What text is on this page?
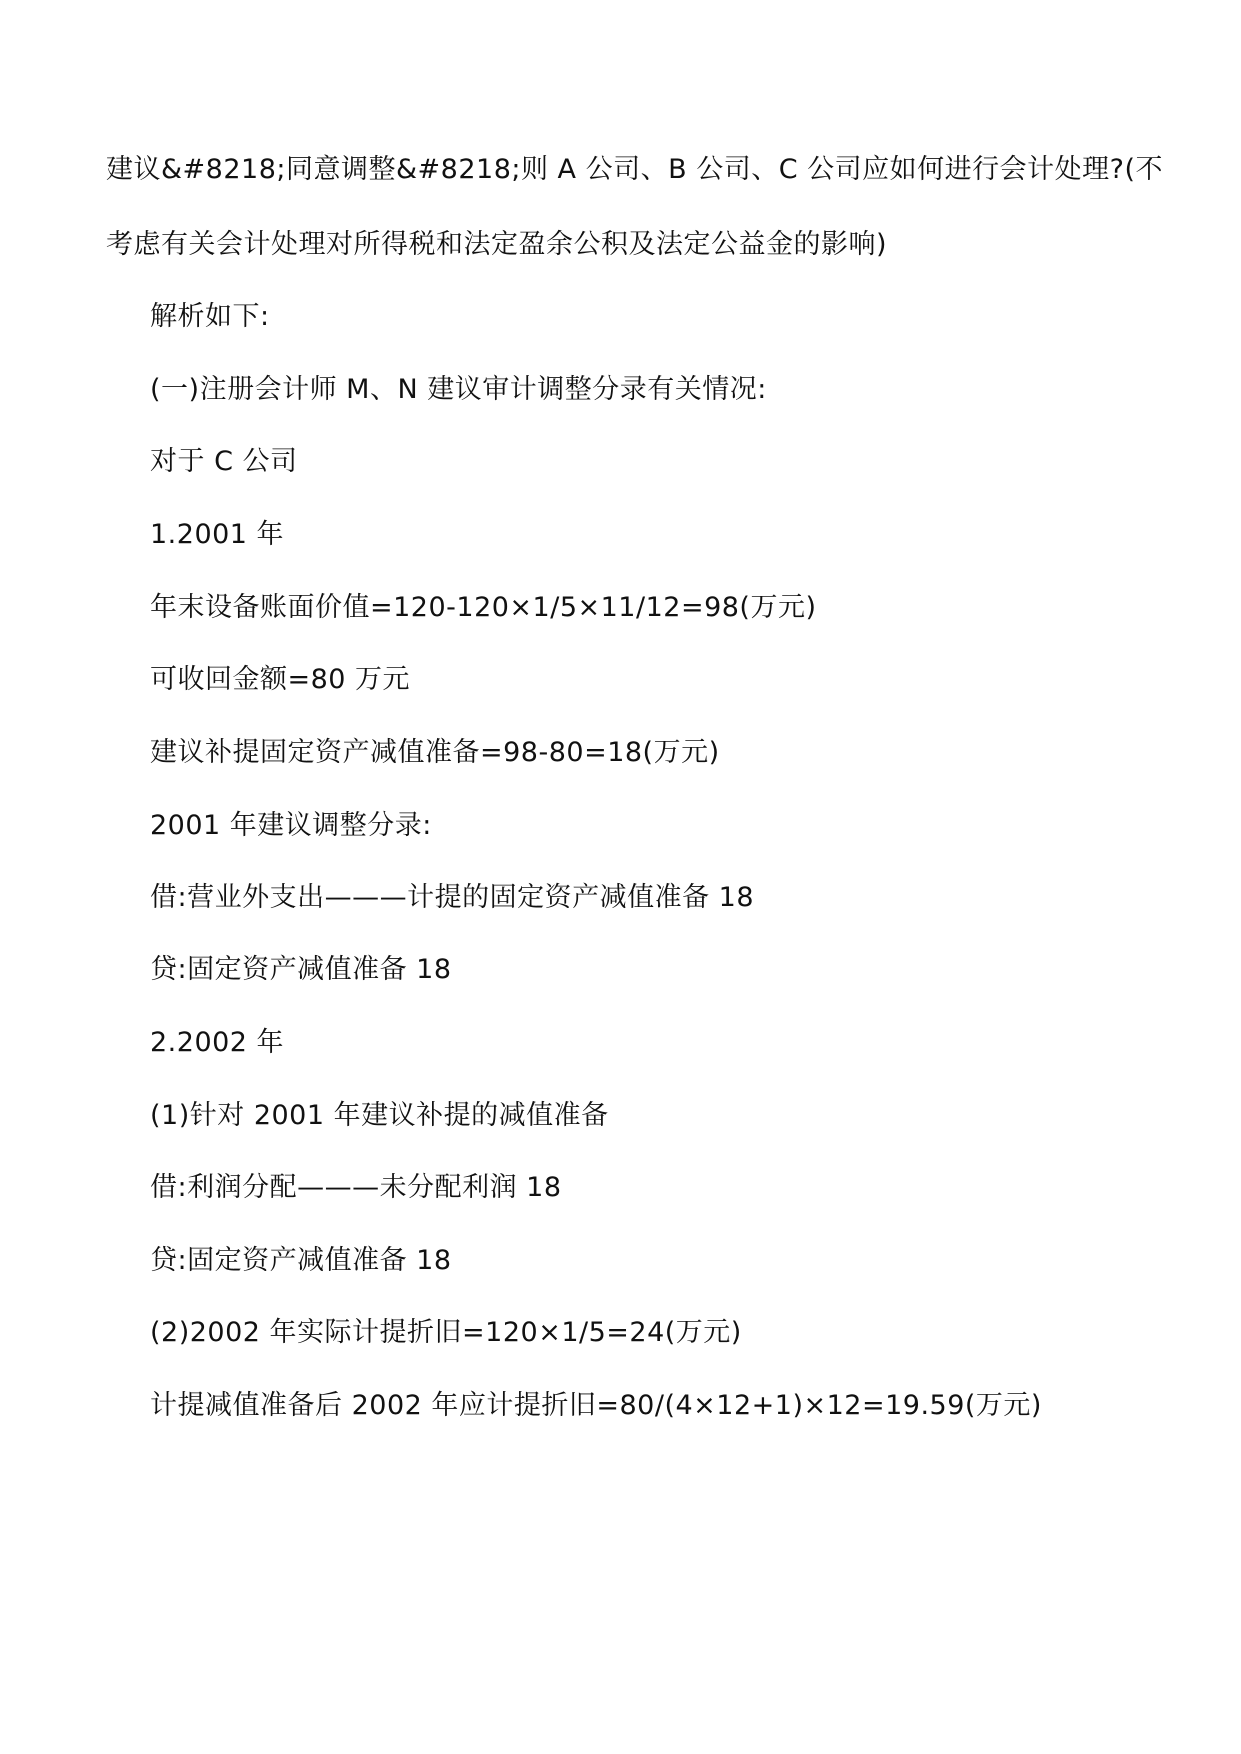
建议&#8218;同意调整&#8218;则 A 公司、B 公司、C 公司应如何进行会计处理?(不
考虑有关会计处理对所得税和法定盈余公积及法定公益金的影响)
解析如下:
(一)注册会计师 M、N 建议审计调整分录有关情况:
对于 C 公司
1.2001 年
年末设备账面价值=120-120×1/5×11/12=98(万元)
可收回金额=80 万元
建议补提固定资产减值准备=98-80=18(万元)
2001 年建议调整分录:
借:营业外支出———计提的固定资产减值准备 18
贷:固定资产减值准备 18
2.2002 年
(1)针对 2001 年建议补提的减值准备
借:利润分配———未分配利润 18
贷:固定资产减值准备 18
(2)2002 年实际计提折旧=120×1/5=24(万元)
计提减值准备后 2002 年应计提折旧=80/(4×12+1)×12=19.59(万元)
